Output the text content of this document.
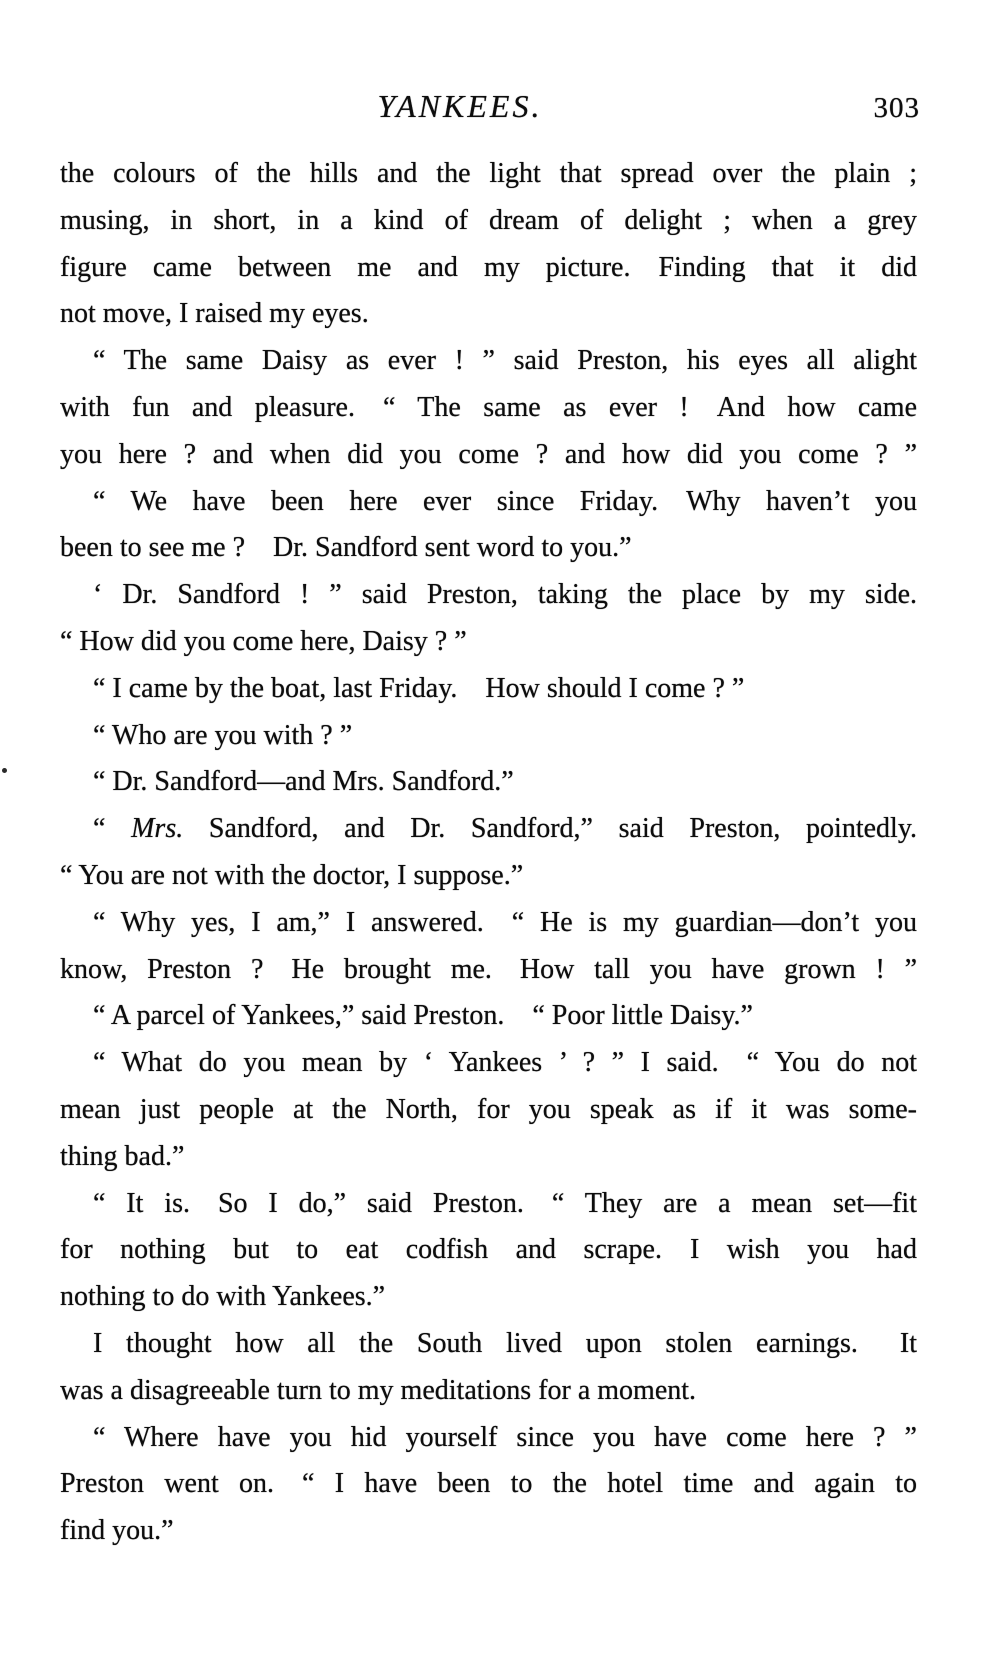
YANKEES.	303
the colours of the hills and the light that spread over the plain ;
musing, in short, in a kind of dream of delight ; when a grey
figure came between me and my picture. Finding that it did
not move, I raised my eyes.
“ The same Daisy as ever ! ” said Preston, his eyes all alight
with fun and pleasure. “ The same as ever ! And how came
you here ? and when did you come ? and how did you come ? ”
“ We have been here ever since Friday. Why haven’t you
been to see me ? Dr. Sandford sent word to you.”
‘ Dr. Sandford ! ” said Preston, taking the place by my side.
“ How did you come here, Daisy ? ”
“ I came by the boat, last Friday. How should I come ? ”
“ Who are you with ? ”
“ Dr. Sandford—and Mrs. Sandford.”
“ Mrs. Sandford, and Dr. Sandford,” said Preston, pointedly.
“ You are not with the doctor, I suppose.”
“ Why yes, I am,” I answered. “ He is my guardian—don’t you
know, Preston ? He brought me. How tall you have grown ! ”
“ A parcel of Yankees,” said Preston. “ Poor little Daisy.”
“ What do you mean by ‘ Yankees ’ ? ” I said. “ You do not
mean just people at the North, for you speak as if it was some-
thing bad.”
“ It is. So I do,” said Preston. “ They are a mean set—fit
for nothing but to eat codfish and scrape. I wish you had
nothing to do with Yankees.”
I thought how all the South lived upon stolen earnings.  It
was a disagreeable turn to my meditations for a moment.
“ Where have you hid yourself since you have come here ? ”
Preston went on. “ I have been to the hotel time and again to
find you.”
